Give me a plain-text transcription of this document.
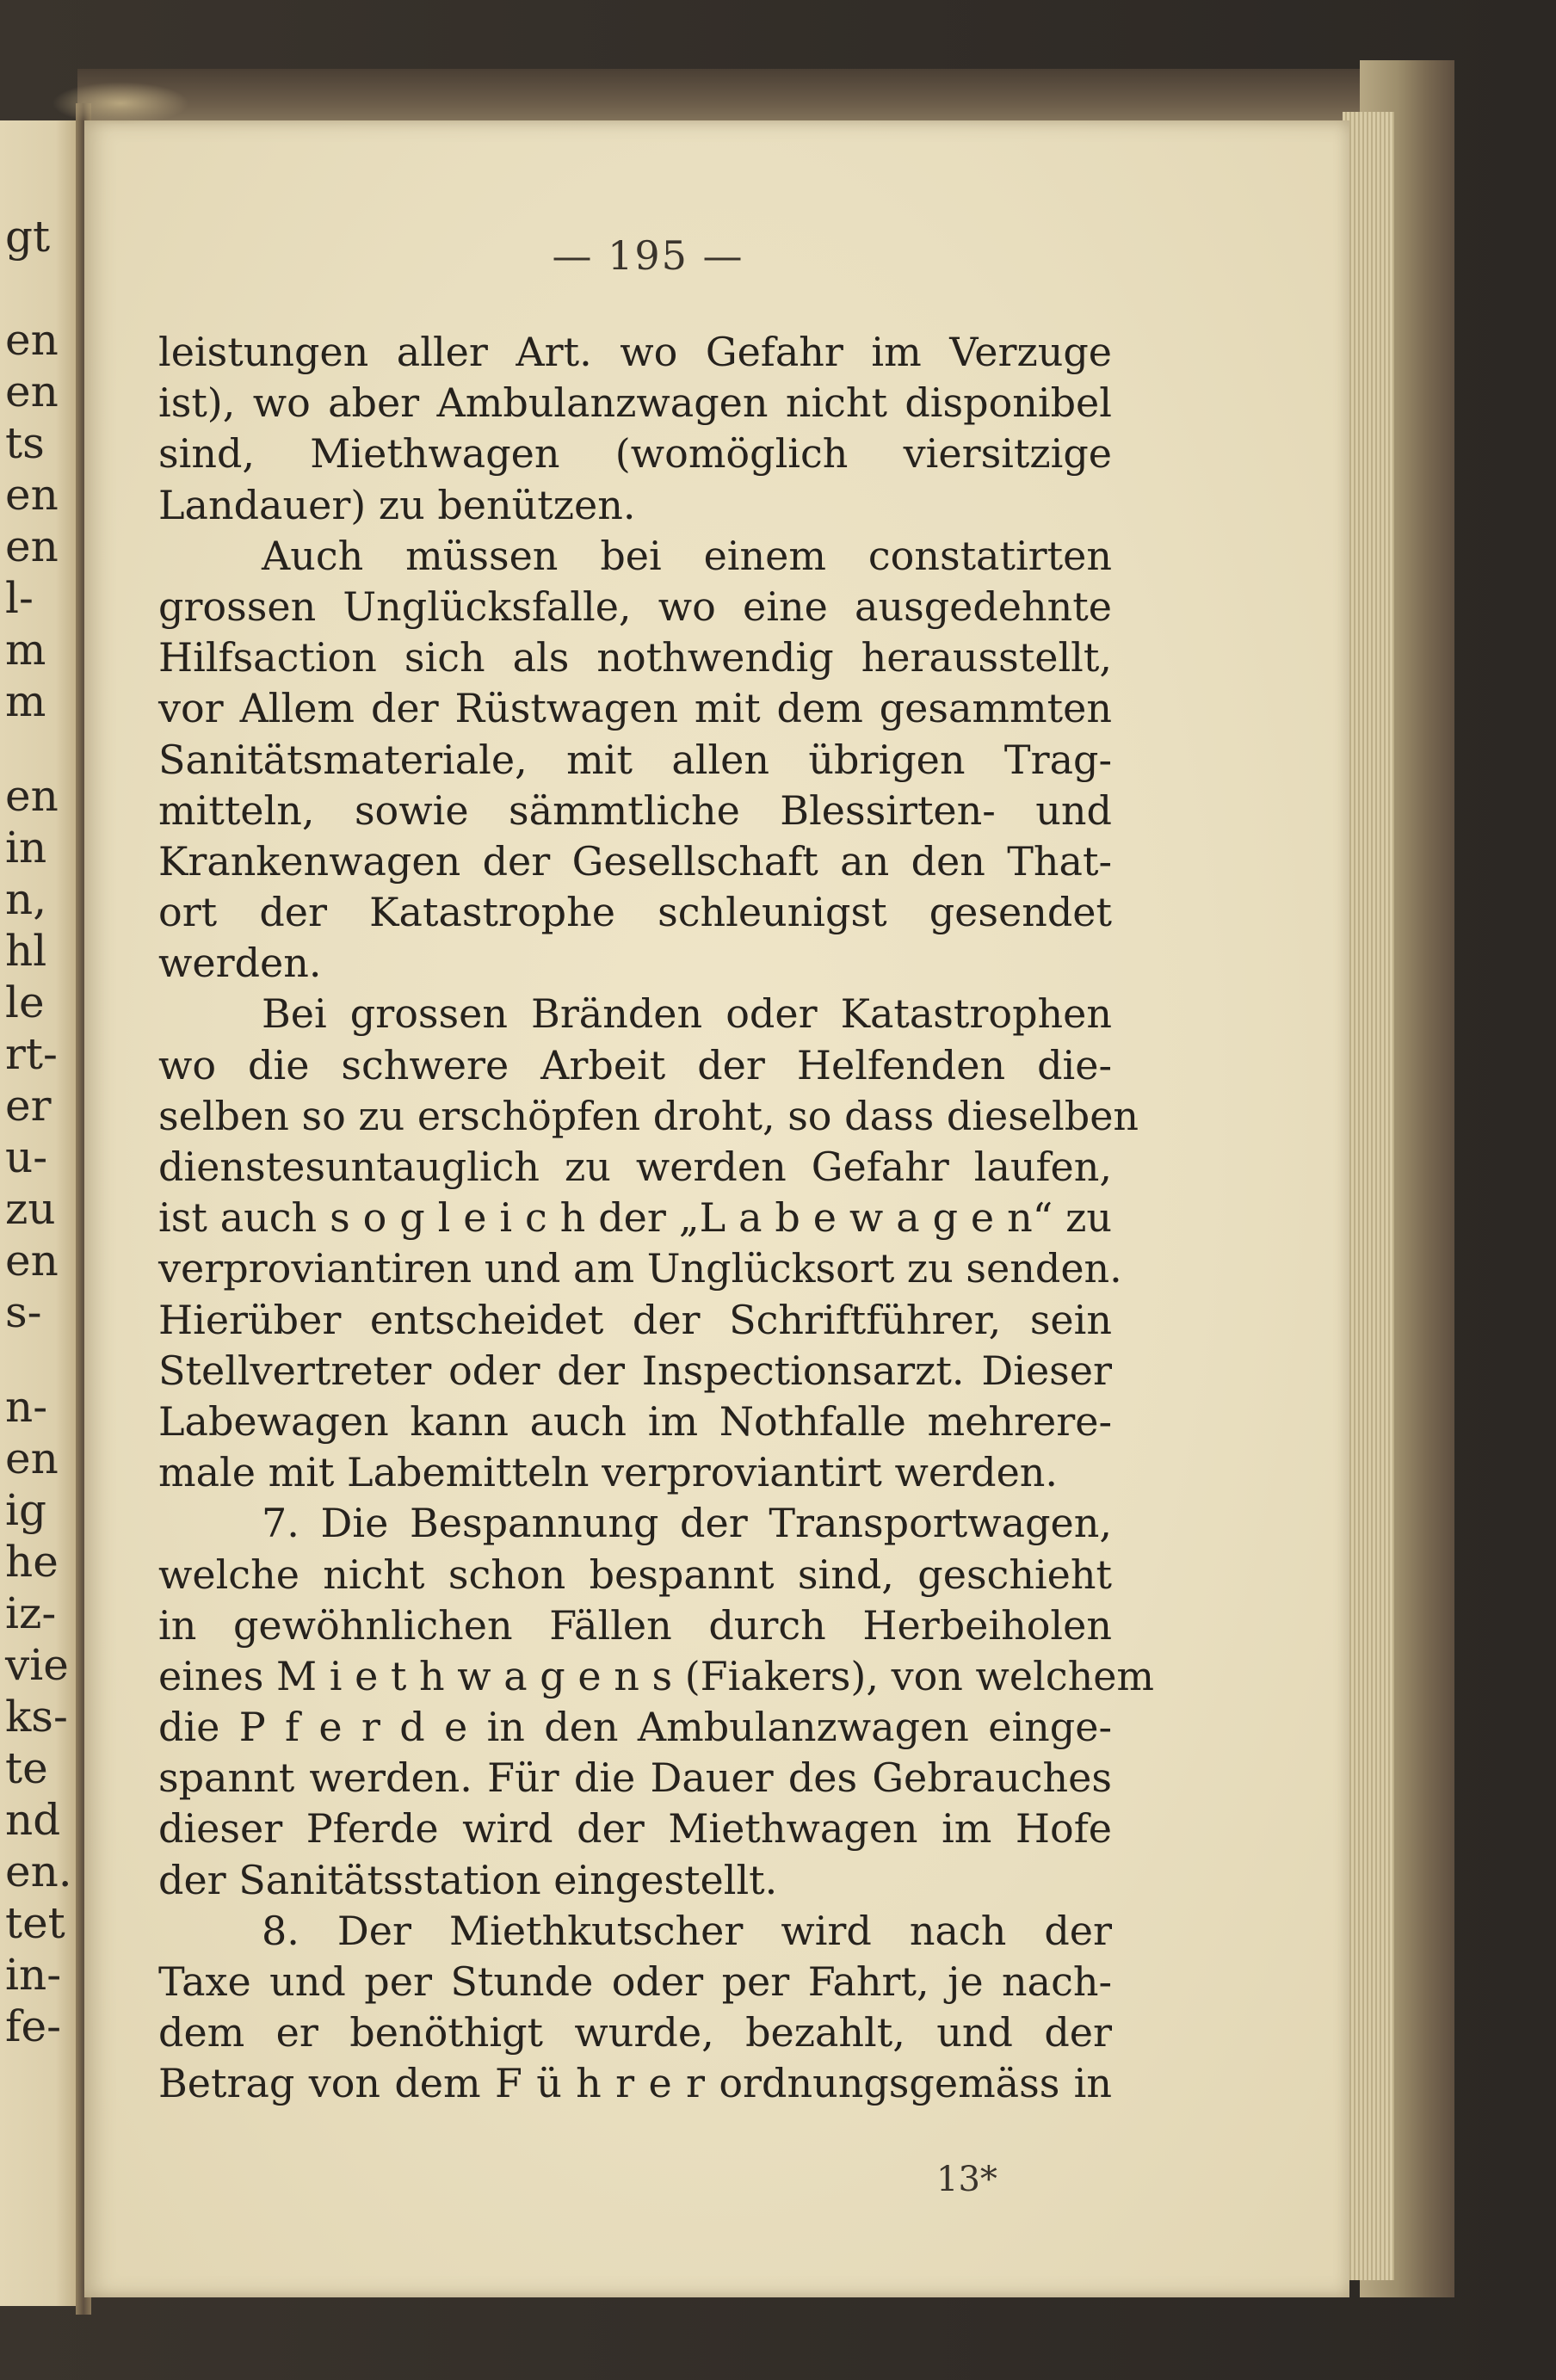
gt
en
en
ts
en
en
l-
m
m
en
in
n,
hl
le
rt-
er
u-
zu
en
s-
n-
en
ig
he
iz-
vie
ks-
te
nd
en.
tet
in-
fe-
— 195 —
leistungen aller Art. wo Gefahr im Verzuge
ist), wo aber Ambulanzwagen nicht disponibel
sind, Miethwagen (womöglich viersitzige
Landauer) zu benützen.
Auch müssen bei einem constatirten
grossen Unglücksfalle, wo eine ausgedehnte
Hilfsaction sich als nothwendig herausstellt,
vor Allem der Rüstwagen mit dem gesammten
Sanitätsmateriale, mit allen übrigen Trag-
mitteln, sowie sämmtliche Blessirten- und
Krankenwagen der Gesellschaft an den That-
ort der Katastrophe schleunigst gesendet
werden.
Bei grossen Bränden oder Katastrophen
wo die schwere Arbeit der Helfenden die-
selben so zu erschöpfen droht, so dass dieselben
dienstesuntauglich zu werden Gefahr laufen,
ist auch s o g l e i c h der „L a b e w a g e n“ zu
verproviantiren und am Unglücksort zu senden.
Hierüber entscheidet der Schriftführer, sein
Stellvertreter oder der Inspectionsarzt. Dieser
Labewagen kann auch im Nothfalle mehrere-
male mit Labemitteln verproviantirt werden.
7. Die Bespannung der Transportwagen,
welche nicht schon bespannt sind, geschieht
in gewöhnlichen Fällen durch Herbeiholen
eines M i e t h w a g e n s (Fiakers), von welchem
die P f e r d e in den Ambulanzwagen einge-
spannt werden. Für die Dauer des Gebrauches
dieser Pferde wird der Miethwagen im Hofe
der Sanitätsstation eingestellt.
8. Der Miethkutscher wird nach der
Taxe und per Stunde oder per Fahrt, je nach-
dem er benöthigt wurde, bezahlt, und der
Betrag von dem F ü h r e r ordnungsgemäss in
13*
